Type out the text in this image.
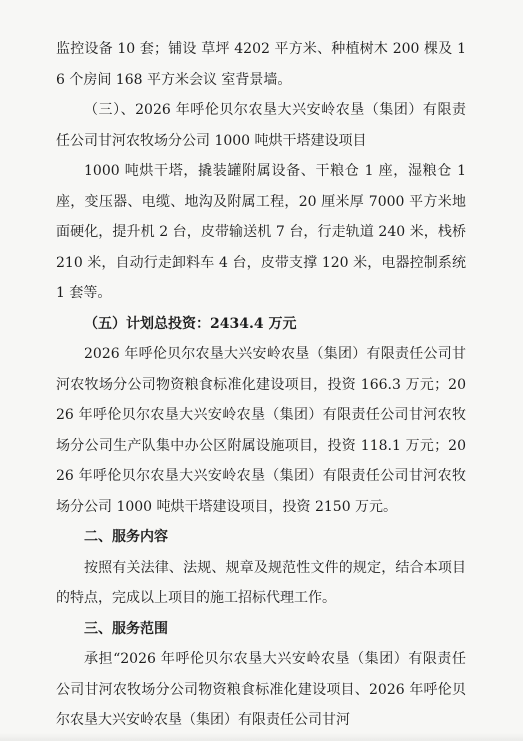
监控设备 10 套；铺设 草坪 4202 平方米、种植树木 200 棵及 16 个房间 168 平方米会议 室背景墙。

（三）、2026 年呼伦贝尔农垦大兴安岭农垦（集团）有限责任公司甘河农牧场分公司 1000 吨烘干塔建设项目

1000 吨烘干塔，撬装罐附属设备、干粮仓 1 座，湿粮仓 1 座，变压器、电缆、地沟及附属工程，20 厘米厚 7000 平方米地面硬化，提升机 2 台，皮带输送机 7 台，行走轨道 240 米，栈桥 210 米，自动行走卸料车 4 台，皮带支撑 120 米，电器控制系统 1 套等。

（五）计划总投资：2434.4 万元

2026 年呼伦贝尔农垦大兴安岭农垦（集团）有限责任公司甘河农牧场分公司物资粮食标准化建设项目，投资 166.3 万元；2026 年呼伦贝尔农垦大兴安岭农垦（集团）有限责任公司甘河农牧场分公司生产队集中办公区附属设施项目，投资 118.1 万元；2026 年呼伦贝尔农垦大兴安岭农垦（集团）有限责任公司甘河农牧场分公司 1000 吨烘干塔建设项目，投资 2150 万元。

二、服务内容

按照有关法律、法规、规章及规范性文件的规定，结合本项目的特点，完成以上项目的施工招标代理工作。

三、服务范围

承担“2026 年呼伦贝尔农垦大兴安岭农垦（集团）有限责任公司甘河农牧场分公司物资粮食标准化建设项目、2026 年呼伦贝尔农垦大兴安岭农垦（集团）有限责任公司甘河
